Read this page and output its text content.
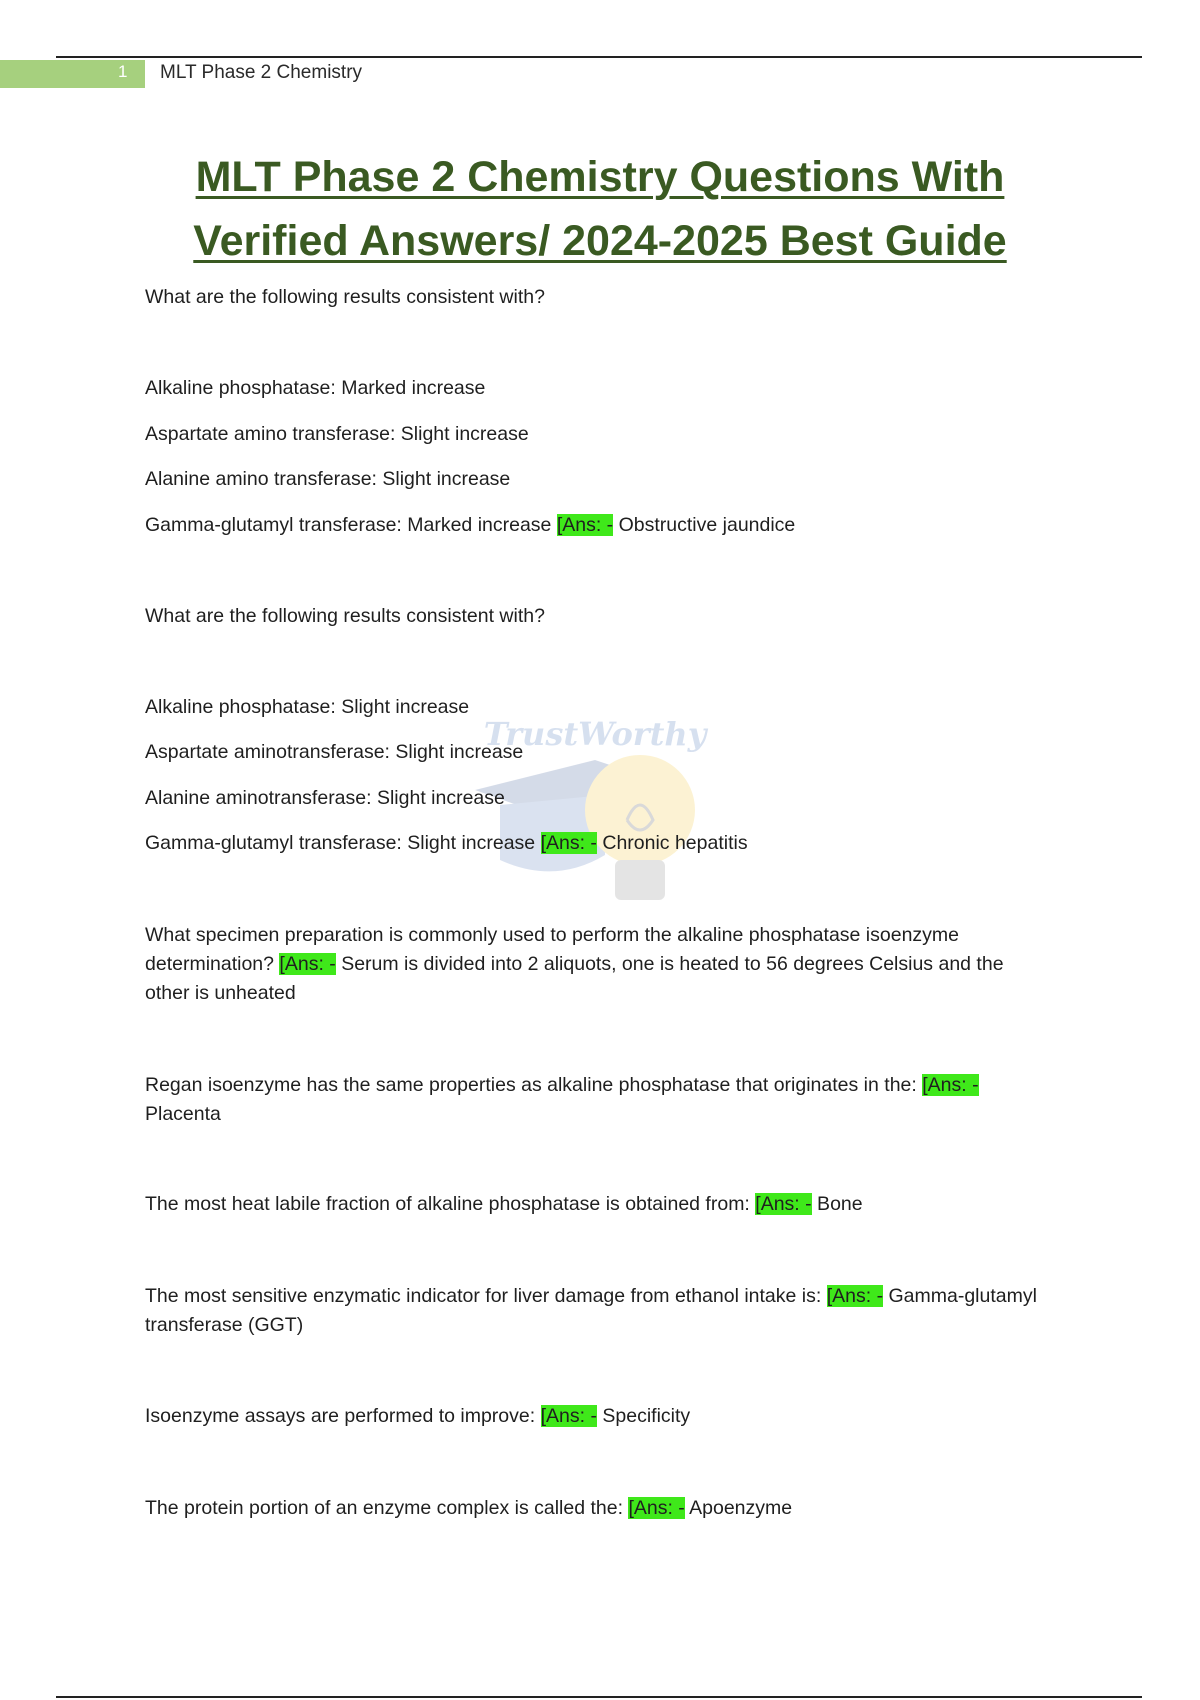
1 MLT Phase 2 Chemistry
MLT Phase 2 Chemistry Questions With
Verified Answers/ 2024-2025 Best Guide
TrustWorthy
What are the following results consistent with?
Alkaline phosphatase: Marked increase
Aspartate amino transferase: Slight increase
Alanine amino transferase: Slight increase
Gamma-glutamyl transferase: Marked increase [Ans: - Obstructive jaundice
What are the following results consistent with?
Alkaline phosphatase: Slight increase
Aspartate aminotransferase: Slight increase
Alanine aminotransferase: Slight increase
Gamma-glutamyl transferase: Slight increase [Ans: - Chronic hepatitis
What specimen preparation is commonly used to perform the alkaline phosphatase isoenzyme determination? [Ans: - Serum is divided into 2 aliquots, one is heated to 56 degrees Celsius and the other is unheated
Regan isoenzyme has the same properties as alkaline phosphatase that originates in the: [Ans: - Placenta
The most heat labile fraction of alkaline phosphatase is obtained from: [Ans: - Bone
The most sensitive enzymatic indicator for liver damage from ethanol intake is: [Ans: - Gamma-glutamyl transferase (GGT)
Isoenzyme assays are performed to improve: [Ans: - Specificity
The protein portion of an enzyme complex is called the: [Ans: - Apoenzyme
